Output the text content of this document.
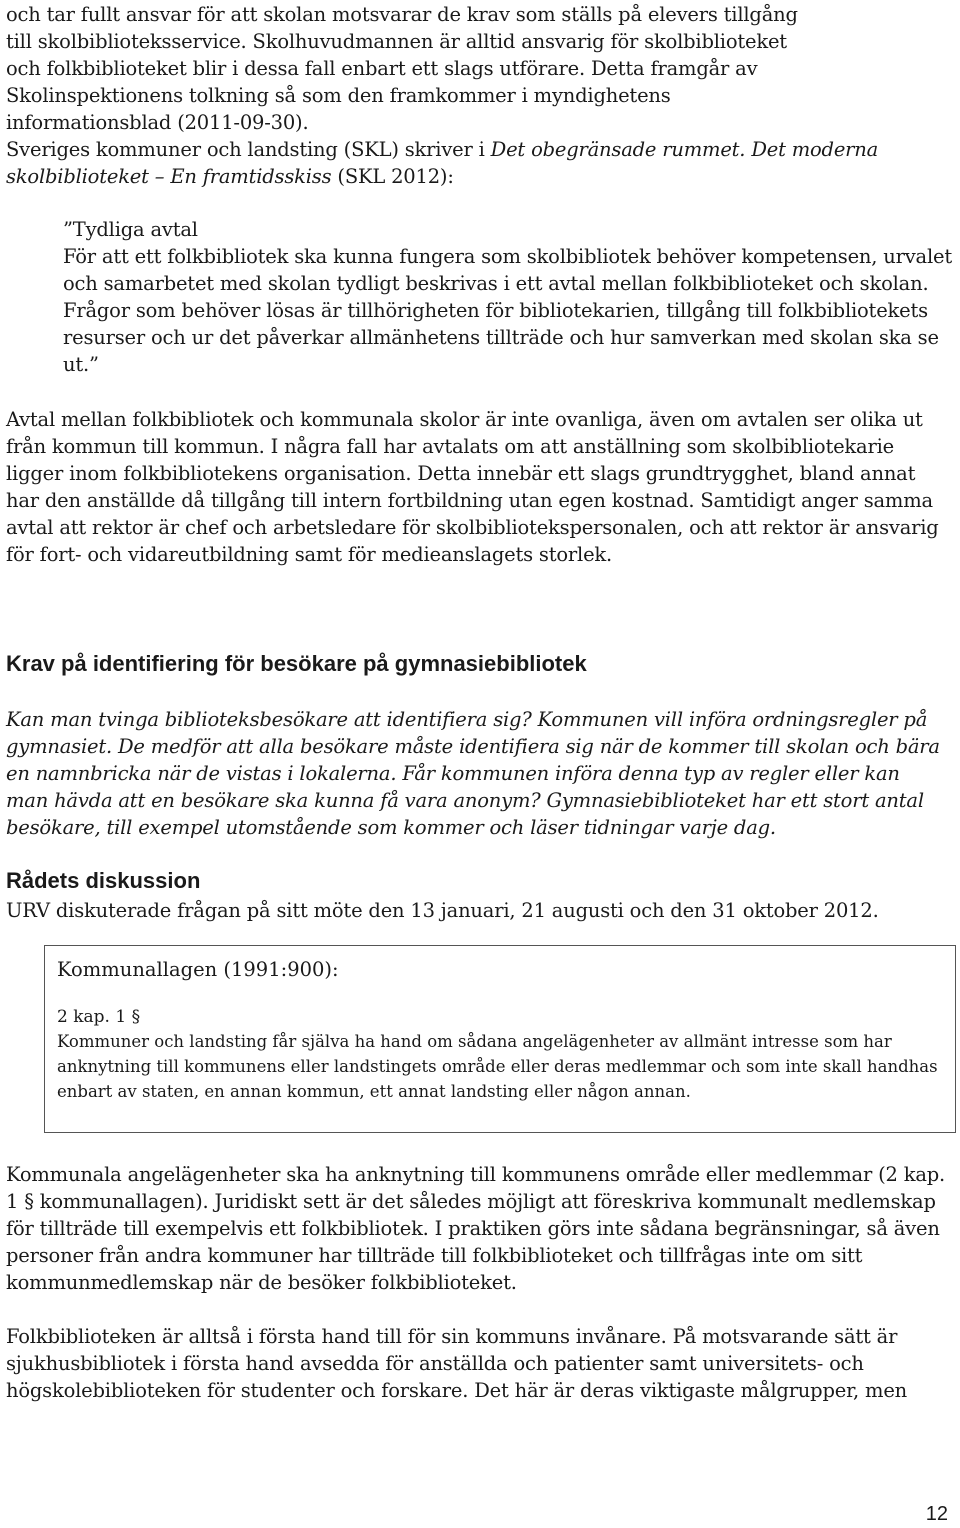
och tar fullt ansvar för att skolan motsvarar de krav som ställs på elevers tillgång till skolbiblioteksservice. Skolhuvudmannen är alltid ansvarig för skolbiblioteket och folkbiblioteket blir i dessa fall enbart ett slags utförare. Detta framgår av Skolinspektionens tolkning så som den framkommer i myndighetens informationsblad (2011-09-30).

Sveriges kommuner och landsting (SKL) skriver i Det obegränsade rummet. Det moderna skolbiblioteket – En framtidsskiss (SKL 2012):

”Tydliga avtal

För att ett folkbibliotek ska kunna fungera som skolbibliotek behöver kompetensen, urvalet och samarbetet med skolan tydligt beskrivas i ett avtal mellan folkbiblioteket och skolan. Frågor som behöver lösas är tillhörigheten för bibliotekarien, tillgång till folkbibliotekets resurser och ur det påverkar allmänhetens tillträde och hur samverkan med skolan ska se ut.”

Avtal mellan folkbibliotek och kommunala skolor är inte ovanliga, även om avtalen ser olika ut från kommun till kommun. I några fall har avtalats om att anställning som skolbibliotekarie ligger inom folkbibliotekens organisation. Detta innebär ett slags grundtrygghet, bland annat har den anställde då tillgång till intern fortbildning utan egen kostnad. Samtidigt anger samma avtal att rektor är chef och arbetsledare för skolbibliotekspersonalen, och att rektor är ansvarig för fort- och vidareutbildning samt för medieanslagets storlek.

Krav på identifiering för besökare på gymnasiebibliotek

Kan man tvinga biblioteksbesökare att identifiera sig? Kommunen vill införa ordningsregler på gymnasiet. De medför att alla besökare måste identifiera sig när de kommer till skolan och bära en namnbricka när de vistas i lokalerna. Får kommunen införa denna typ av regler eller kan man hävda att en besökare ska kunna få vara anonym? Gymnasiebiblioteket har ett stort antal besökare, till exempel utomstående som kommer och läser tidningar varje dag.

Rådets diskussion

URV diskuterade frågan på sitt möte den 13 januari, 21 augusti och den 31 oktober 2012.

Kommunala angelägenheter ska ha anknytning till kommunens område eller medlemmar (2 kap. 1 § kommunallagen). Juridiskt sett är det således möjligt att föreskriva kommunalt medlemskap för tillträde till exempelvis ett folkbibliotek. I praktiken görs inte sådana begränsningar, så även personer från andra kommuner har tillträde till folkbiblioteket och tillfrågas inte om sitt kommunmedlemskap när de besöker folkbiblioteket.

Folkbiblioteken är alltså i första hand till för sin kommuns invånare. På motsvarande sätt är sjukhusbibliotek i första hand avsedda för anställda och patienter samt universitets- och högskolebiblioteken för studenter och forskare. Det här är deras viktigaste målgrupper, men

Kommunallagen (1991:900):

2 kap. 1 §

Kommuner och landsting får själva ha hand om sådana angelägenheter av allmänt intresse som har anknytning till kommunens eller landstingets område eller deras medlemmar och som inte skall handhas enbart av staten, en annan kommun, ett annat landsting eller någon annan.

12
